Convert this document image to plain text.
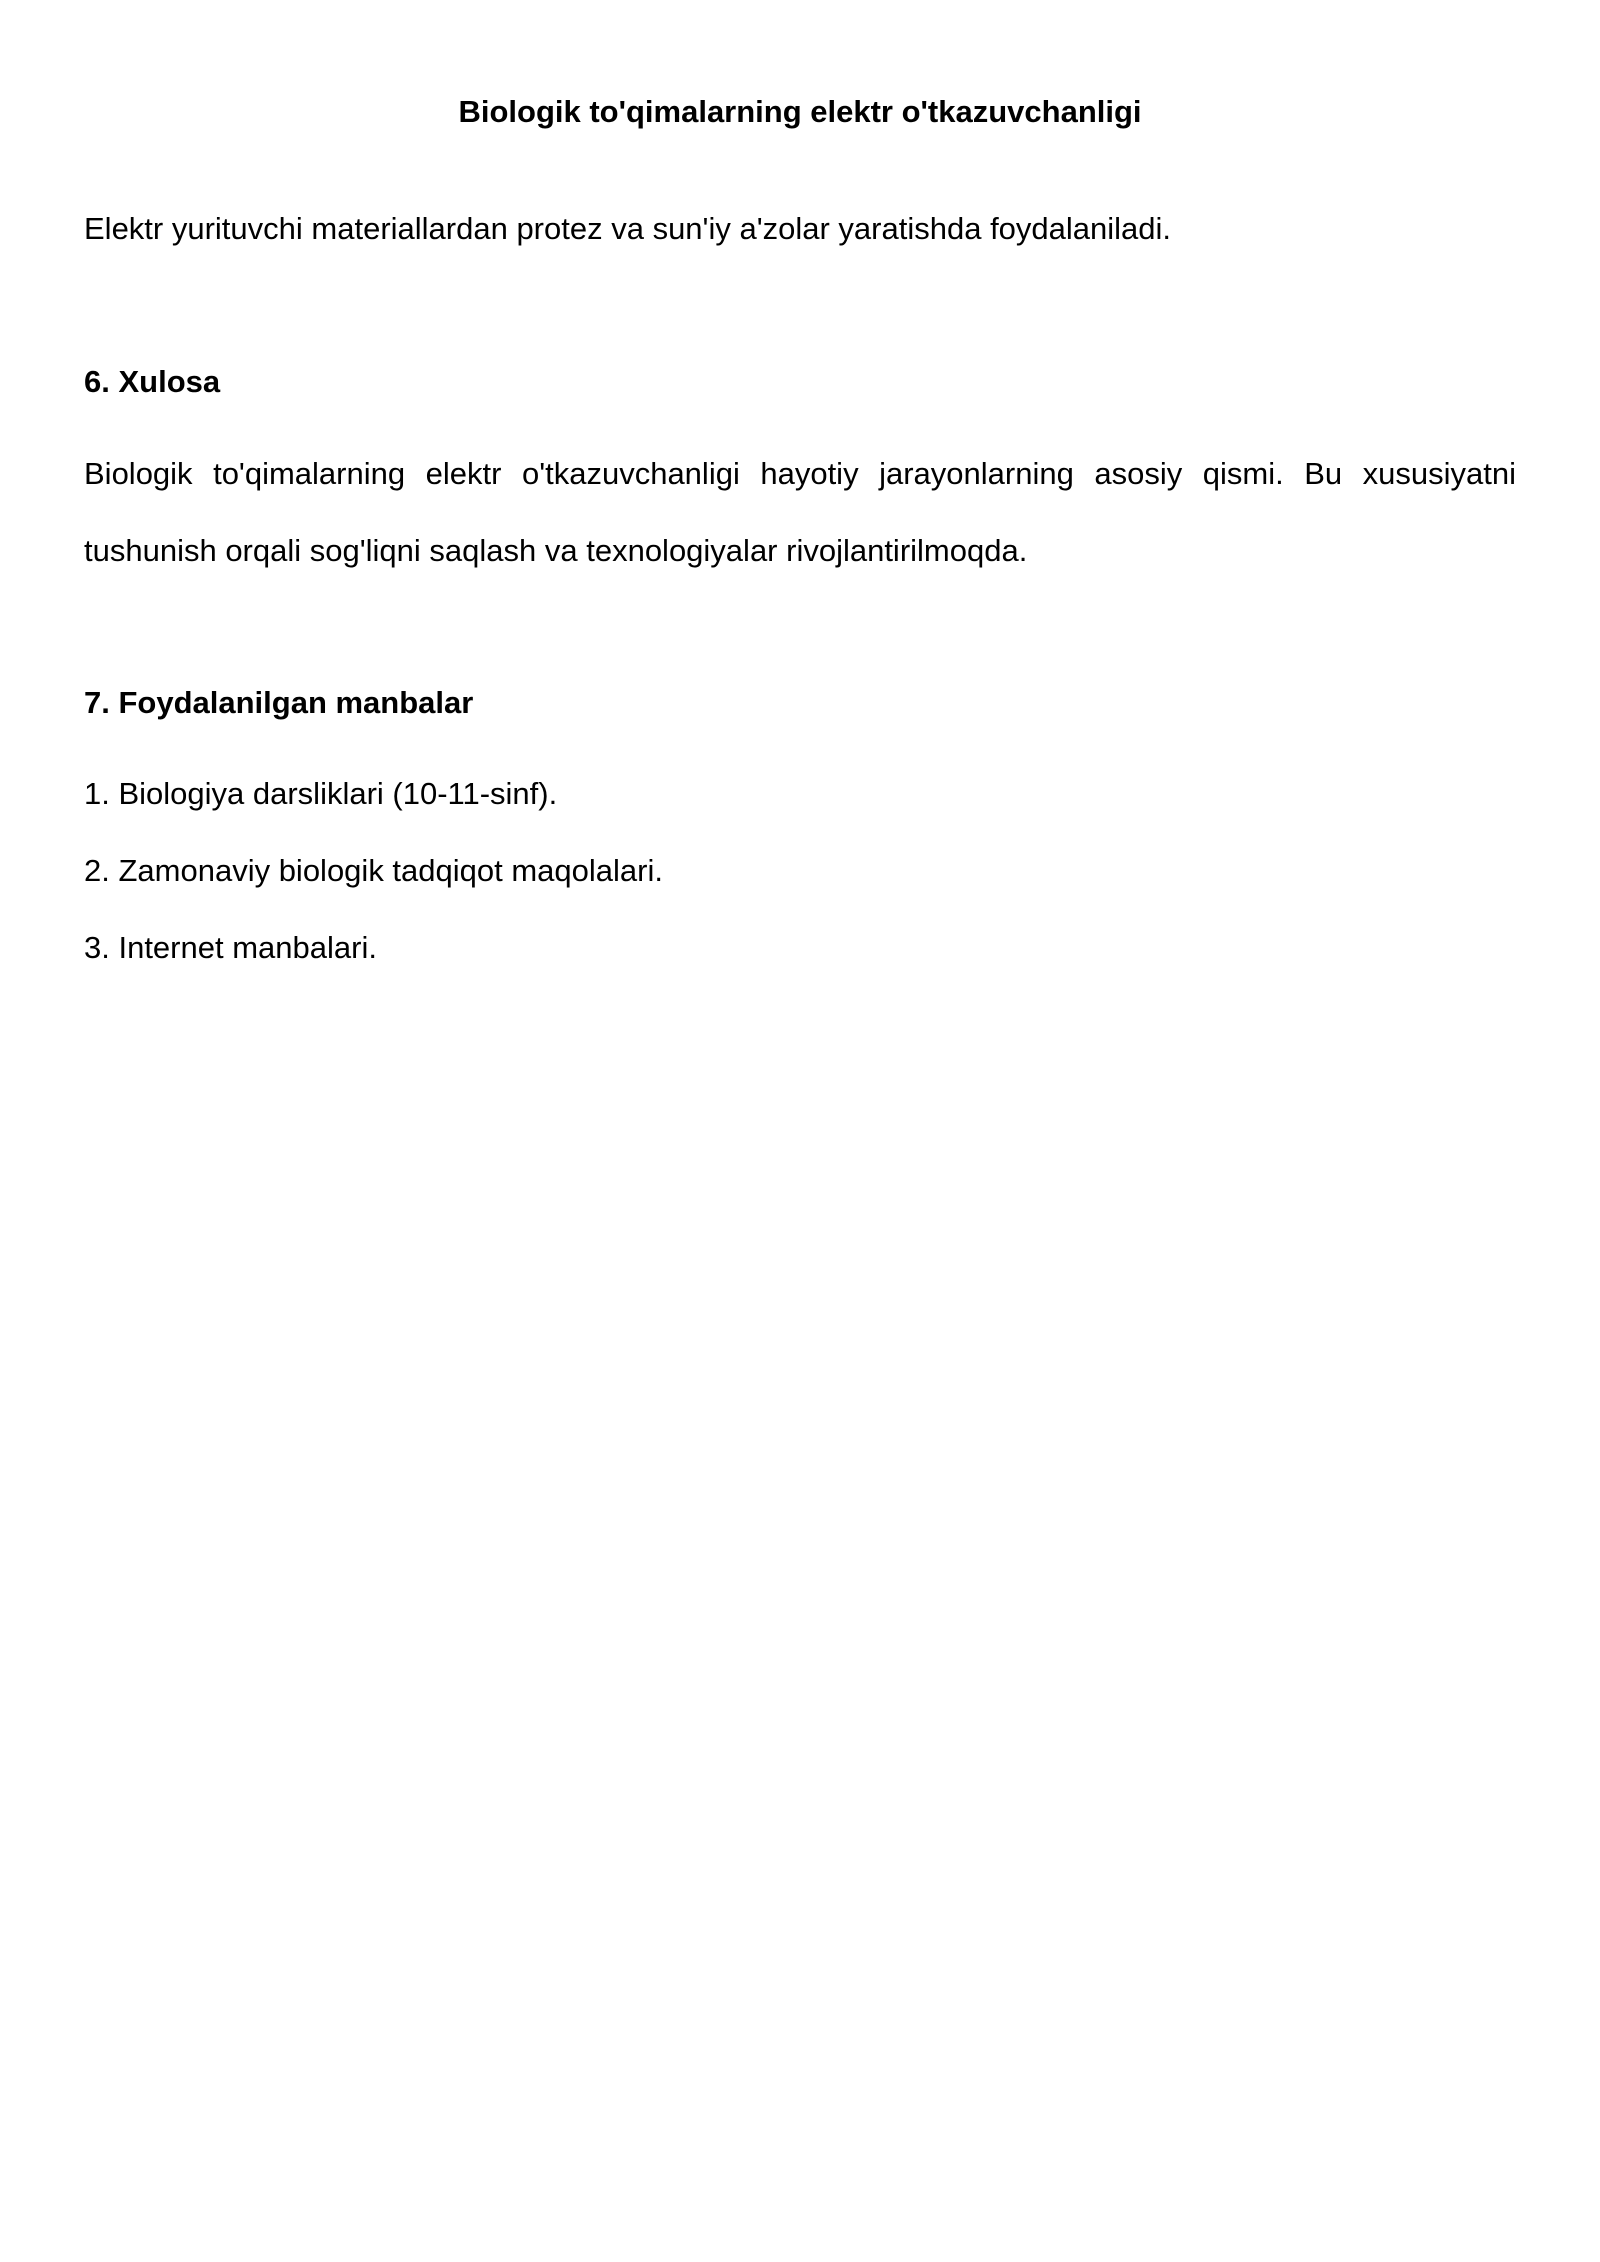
Biologik to'qimalarning elektr o'tkazuvchanligi

Elektr yurituvchi materiallardan protez va sun'iy a'zolar yaratishda foydalaniladi.

6. Xulosa

Biologik to'qimalarning elektr o'tkazuvchanligi hayotiy jarayonlarning asosiy qismi. Bu xususiyatni tushunish orqali sog'liqni saqlash va texnologiyalar rivojlantirilmoqda.

7. Foydalanilgan manbalar
1. Biologiya darsliklari (10-11-sinf).
2. Zamonaviy biologik tadqiqot maqolalari.
3. Internet manbalari.
